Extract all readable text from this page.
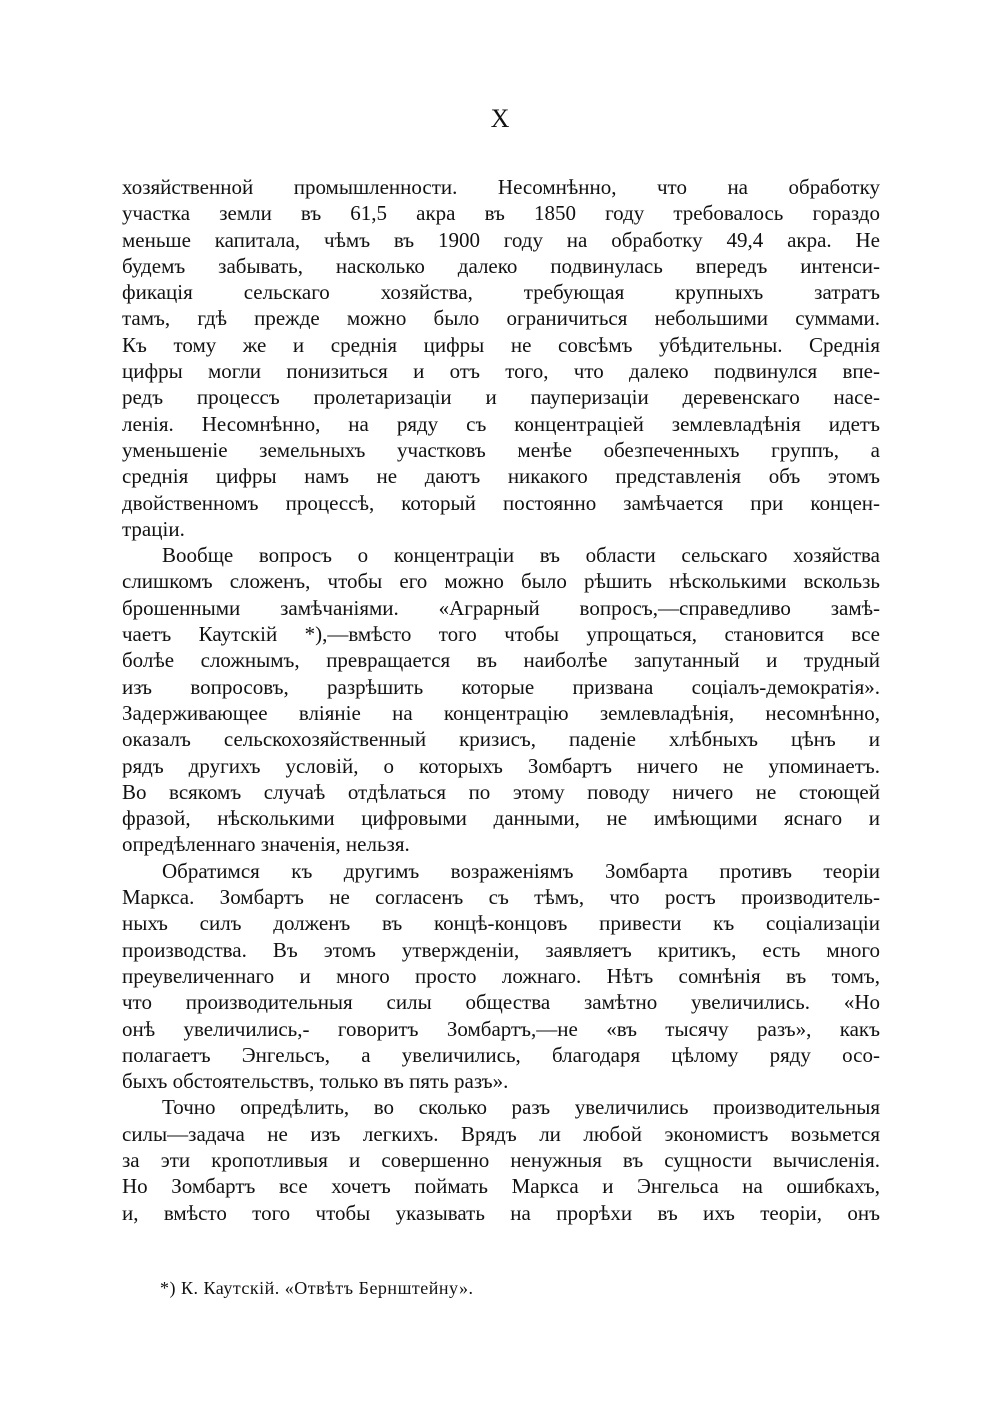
X
хозяйственной промышленности. Несомнѣнно, что на обработку
участка земли въ 61,5 акра въ 1850 году требовалось гораздо
меньше капитала, чѣмъ въ 1900 году на обработку 49,4 акра. Не
будемъ забывать, насколько далеко подвинулась впередъ интенси-
фикація сельскаго хозяйства, требующая крупныхъ затратъ
тамъ, гдѣ прежде можно было ограничиться небольшими суммами.
Къ тому же и среднія цифры не совсѣмъ убѣдительны. Среднія
цифры могли понизиться и отъ того, что далеко подвинулся впе-
редъ процессъ пролетаризаціи и пауперизаціи деревенскаго насе-
ленія. Несомнѣнно, на ряду съ концентраціей землевладѣнія идетъ
уменьшеніе земельныхъ участковъ менѣе обезпеченныхъ группъ, а
среднія цифры намъ не даютъ никакого представленія объ этомъ
двойственномъ процессѣ, который постоянно замѣчается при концен-
траціи.
Вообще вопросъ о концентраціи въ области сельскаго хозяйства
слишкомъ сложенъ, чтобы его можно было рѣшить нѣсколькими вскользь
брошенными замѣчаніями. «Аграрный вопросъ,—справедливо замѣ-
чаетъ Каутскій *),—вмѣсто того чтобы упрощаться, становится все
болѣе сложнымъ, превращается въ наиболѣе запутанный и трудный
изъ вопросовъ, разрѣшить которые призвана соціалъ-демократія».
Задерживающее вліяніе на концентрацію землевладѣнія, несомнѣнно,
оказалъ сельскохозяйственный кризисъ, паденіе хлѣбныхъ цѣнъ и
рядъ другихъ условій, о которыхъ Зомбартъ ничего не упоминаетъ.
Во всякомъ случаѣ отдѣлаться по этому поводу ничего не стоющей
фразой, нѣсколькими цифровыми данными, не имѣющими яснаго и
опредѣленнаго значенія, нельзя.
Обратимся къ другимъ возраженіямъ Зомбарта противъ теоріи
Маркса. Зомбартъ не согласенъ съ тѣмъ, что ростъ производитель-
ныхъ силъ долженъ въ концѣ-концовъ привести къ соціализаціи
производства. Въ этомъ утвержденіи, заявляетъ критикъ, есть много
преувеличеннаго и много просто ложнаго. Нѣтъ сомнѣнія въ томъ,
что производительныя силы общества замѣтно увеличились. «Но
онѣ увеличились,- говоритъ Зомбартъ,—не «въ тысячу разъ», какъ
полагаетъ Энгельсъ, а увеличились, благодаря цѣлому ряду осо-
быхъ обстоятельствъ, только въ пять разъ».
Точно опредѣлить, во сколько разъ увеличились производительныя
силы—задача не изъ легкихъ. Врядъ ли любой экономистъ возьмется
за эти кропотливыя и совершенно ненужныя въ сущности вычисленія.
Но Зомбартъ все хочетъ поймать Маркса и Энгельса на ошибкахъ,
и, вмѣсто того чтобы указывать на прорѣхи въ ихъ теоріи, онъ
*) К. Каутскій. «Отвѣтъ Бернштейну».
